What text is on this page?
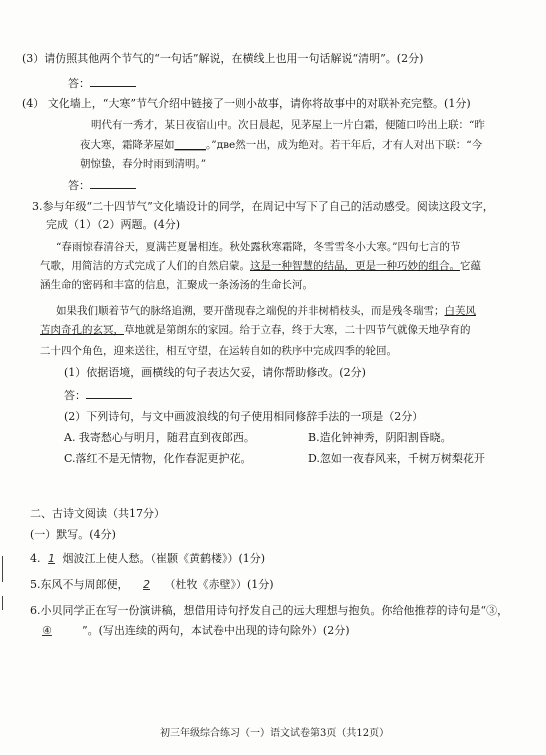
(3）请仿照其他两个节气的“一句话”解说，在横线上也用一句话解说“清明”。(2分)
答：
(4） 文化墙上，“大寒”节气介绍中链接了一则小故事，请你将故事中的对联补充完整。(1分)
明代有一秀才，某日夜宿山中。次日晨起，见茅屋上一片白霜，便随口吟出上联：“昨
夜大寒，霜降茅屋如______。”две然一出，成为绝对。若干年后，才有人对出下联：“今
朝惊蛰，春分时雨到清明。”
答：
3.参与年级“二十四节气”文化墙设计的同学，在周记中写下了自己的活动感受。阅读这段文字，
完成（1）（2）两题。(4分)
“春雨惊春清谷天，夏满芒夏暑相连。秋处露秋寒霜降，冬雪雪冬小大寒。”四句七言的节
气歌，用简洁的方式完成了人们的自然启蒙。这是一种智慧的结晶，更是一种巧妙的组合。它蕴
涵生命的密码和丰富的信息，汇聚成一条汤汤的生命长河。
如果我们顺着节气的脉络追溯，要开凿现春之端倪的并非树梢枝头，而是残冬瑞雪；白芙风
苫肉奇孔的玄冥，草地就是第朗东的家园。给于立春，终于大寒，二十四节气就像天地孕育的
二十四个角色，迎来送往，相互守望，在运转自如的秩序中完成四季的轮回。
(1）依据语境，画横线的句子表达欠妥，请你帮助修改。(2分)
答：
(2）下列诗句，与文中画波浪线的句子使用相同修辞手法的一项是（2分）
A. 我寄愁心与明月，随君直到夜郎西。	B.造化钟神秀，阴阳割昏晓。
C.落红不是无情物，化作春泥更护花。	D.忽如一夜春风来，千树万树梨花开
二、古诗文阅读（共17分）
(一）默写。(4分)
4. 1 烟波江上使人愁。（崔颢《黄鹤楼》）(1分)
5.东风不与周郎便， 2 （杜牧《赤壁》）(1分)
6.小贝同学正在写一份演讲稿，想借用诗句抒发自己的远大理想与抱负。你给他推荐的诗句是“③，
④	”。(写出连续的两句，本试卷中出现的诗句除外）(2分)
初三年级综合练习（一）语文试卷第3页（共12页）
